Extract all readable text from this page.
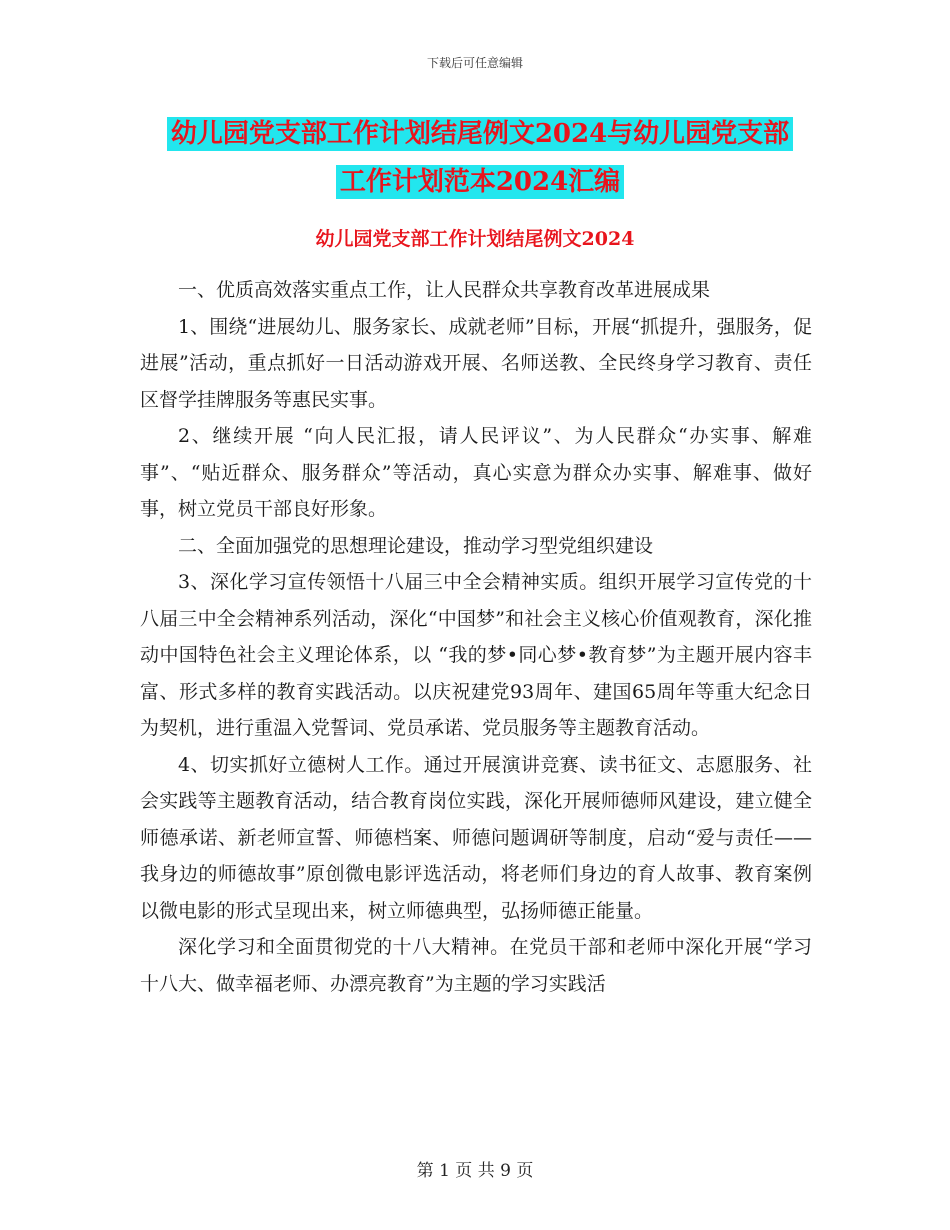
下载后可任意编辑
幼儿园党支部工作计划结尾例文2024与幼儿园党支部
工作计划范本2024汇编
幼儿园党支部工作计划结尾例文2024

一、优质高效落实重点工作，让人民群众共享教育改革进展成果

1、围绕“进展幼儿、服务家长、成就老师”目标，开展“抓提升，强服务，促进展”活动，重点抓好一日活动游戏开展、名师送教、全民终身学习教育、责任区督学挂牌服务等惠民实事。

2、继续开展 “向人民汇报，请人民评议”、为人民群众“办实事、解难事”、“贴近群众、服务群众”等活动，真心实意为群众办实事、解难事、做好事，树立党员干部良好形象。

二、全面加强党的思想理论建设，推动学习型党组织建设

3、深化学习宣传领悟十八届三中全会精神实质。组织开展学习宣传党的十八届三中全会精神系列活动，深化“中国梦”和社会主义核心价值观教育，深化推动中国特色社会主义理论体系，以 “我的梦•同心梦•教育梦”为主题开展内容丰富、形式多样的教育实践活动。以庆祝建党93周年、建国65周年等重大纪念日为契机，进行重温入党誓词、党员承诺、党员服务等主题教育活动。

4、切实抓好立德树人工作。通过开展演讲竞赛、读书征文、志愿服务、社会实践等主题教育活动，结合教育岗位实践，深化开展师德师风建设，建立健全师德承诺、新老师宣誓、师德档案、师德问题调研等制度，启动“爱与责任——我身边的师德故事”原创微电影评选活动，将老师们身边的育人故事、教育案例以微电影的形式呈现出来，树立师德典型，弘扬师德正能量。

深化学习和全面贯彻党的十八大精神。在党员干部和老师中深化开展“学习十八大、做幸福老师、办漂亮教育”为主题的学习实践活

第 1 页 共 9 页
